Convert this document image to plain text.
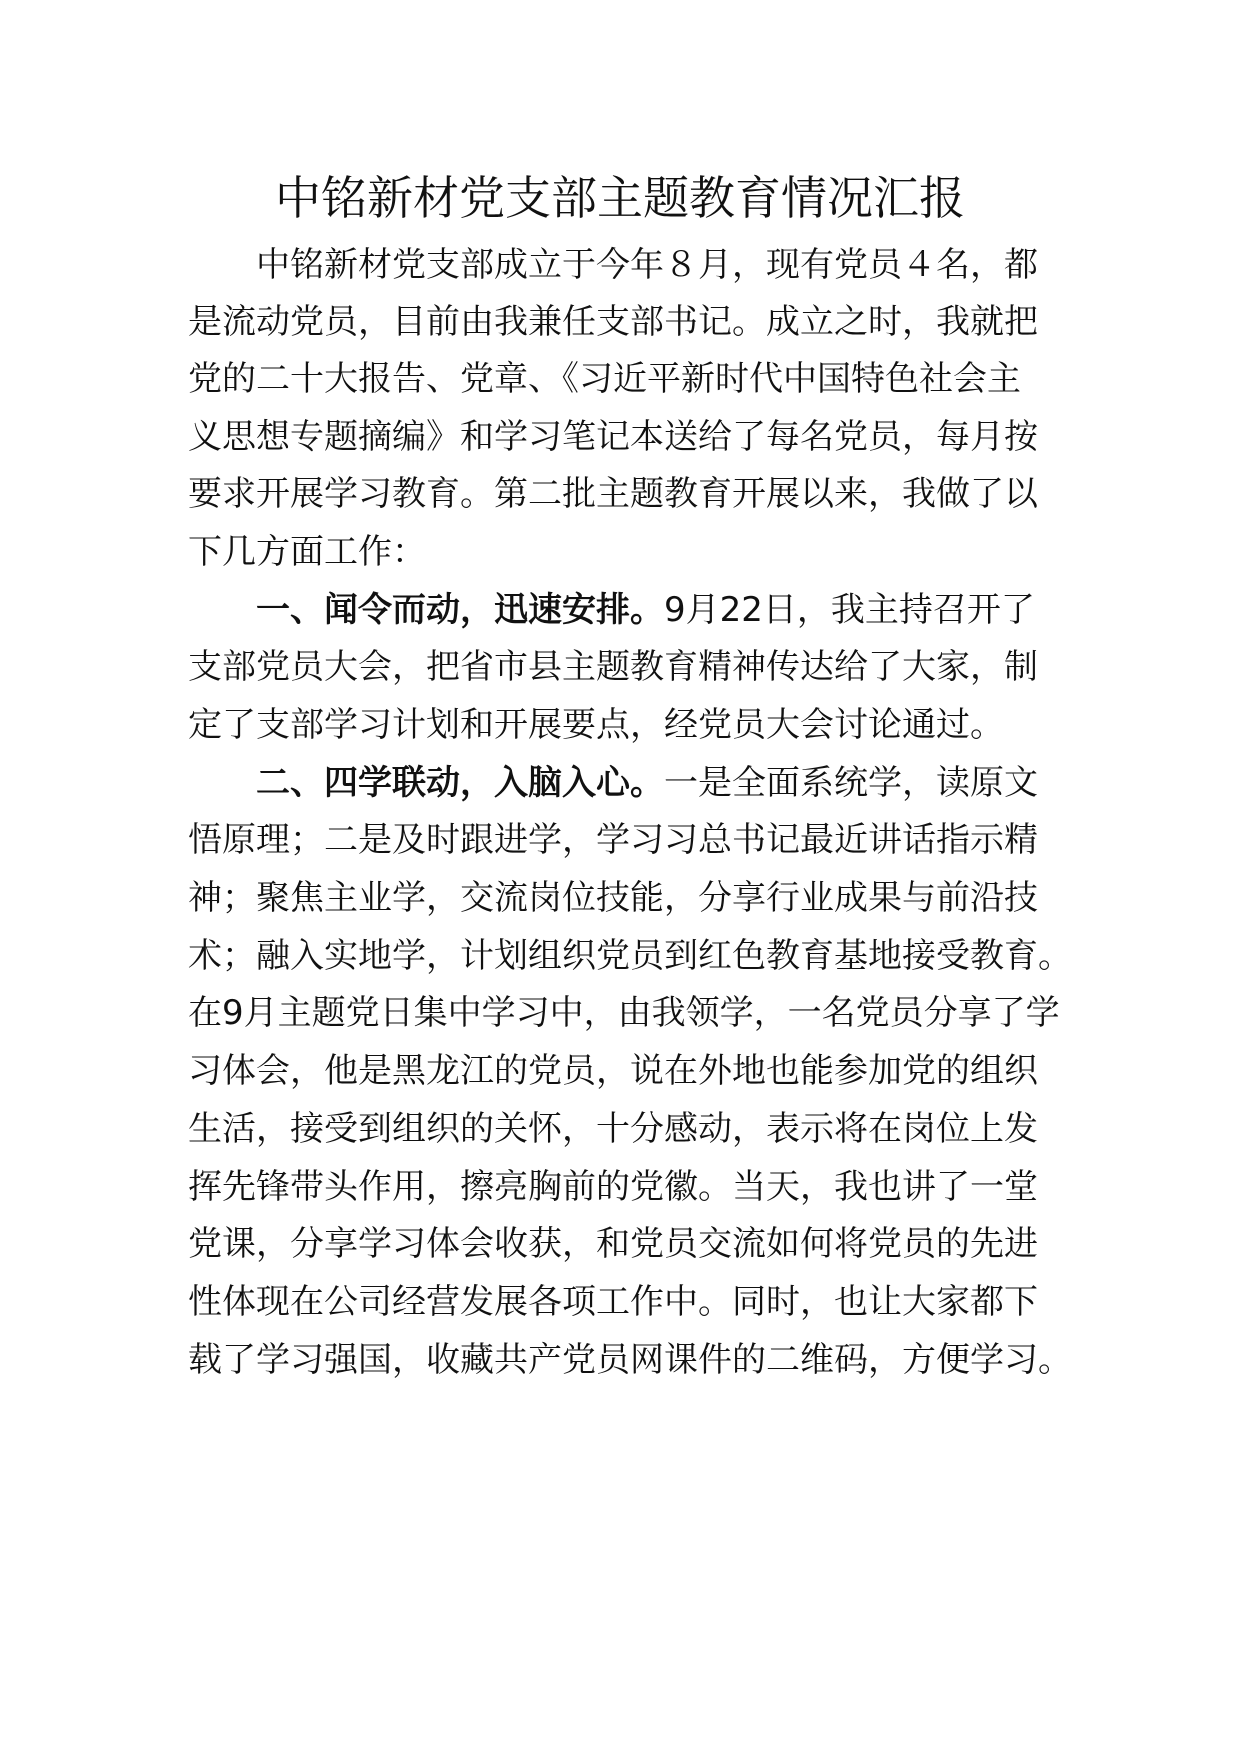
中铭新材党支部主题教育情况汇报

中铭新材党支部成立于今年８月，现有党员４名，都

是流动党员，目前由我兼任支部书记。成立之时，我就把

党的二十大报告、党章、《习近平新时代中国特色社会主

义思想专题摘编》和学习笔记本送给了每名党员，每月按

要求开展学习教育。第二批主题教育开展以来，我做了以

下几方面工作：

一、闻令而动，迅速安排。9月22日，我主持召开了

支部党员大会，把省市县主题教育精神传达给了大家，制

定了支部学习计划和开展要点，经党员大会讨论通过。

二、四学联动，入脑入心。一是全面系统学，读原文

悟原理；二是及时跟进学，学习习总书记最近讲话指示精

神；聚焦主业学，交流岗位技能，分享行业成果与前沿技

术；融入实地学，计划组织党员到红色教育基地接受教育。

在9月主题党日集中学习中，由我领学，一名党员分享了学

习体会，他是黑龙江的党员，说在外地也能参加党的组织

生活，接受到组织的关怀，十分感动，表示将在岗位上发

挥先锋带头作用，擦亮胸前的党徽。当天，我也讲了一堂

党课，分享学习体会收获，和党员交流如何将党员的先进

性体现在公司经营发展各项工作中。同时，也让大家都下

载了学习强国，收藏共产党员网课件的二维码，方便学习。
